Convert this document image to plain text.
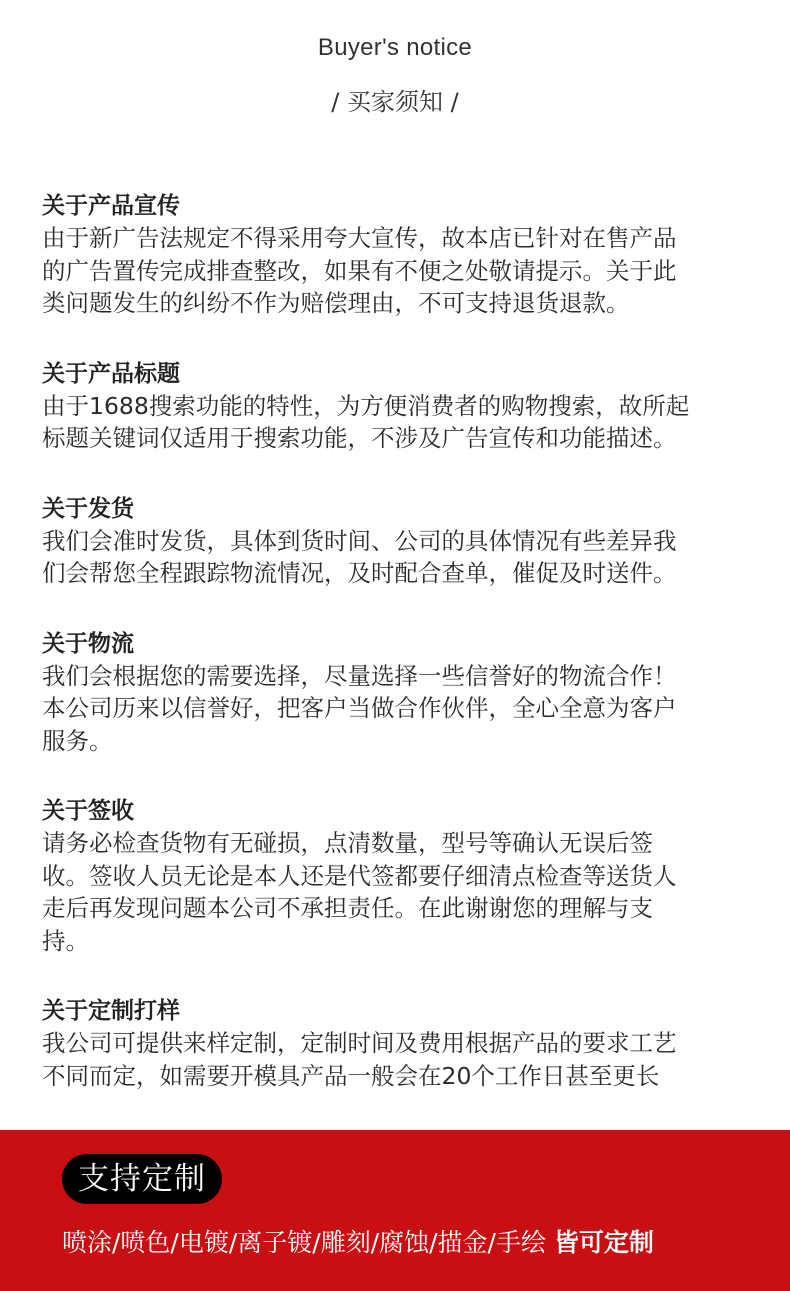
Buyer's notice
/ 买家须知 /
关于产品宣传
由于新广告法规定不得采用夸大宣传，故本店已针对在售产品
的广告置传完成排查整改，如果有不便之处敬请提示。关于此
类问题发生的纠纷不作为赔偿理由，不可支持退货退款。
关于产品标题
由于1688搜索功能的特性，为方便消费者的购物搜索，故所起
标题关键词仅适用于搜索功能，不涉及广告宣传和功能描述。
关于发货
我们会准时发货，具体到货时间、公司的具体情况有些差异我
们会帮您全程跟踪物流情况，及时配合查单，催促及时送件。
关于物流
我们会根据您的需要选择，尽量选择一些信誉好的物流合作！
本公司历来以信誉好，把客户当做合作伙伴，全心全意为客户
服务。
关于签收
请务必检查货物有无碰损，点清数量，型号等确认无误后签
收。签收人员无论是本人还是代签都要仔细清点检查等送货人
走后再发现问题本公司不承担责任。在此谢谢您的理解与支
持。
关于定制打样
我公司可提供来样定制，定制时间及费用根据产品的要求工艺
不同而定，如需要开模具产品一般会在20个工作日甚至更长
支持定制
喷涂/喷色/电镀/离子镀/雕刻/腐蚀/描金/手绘 皆可定制
